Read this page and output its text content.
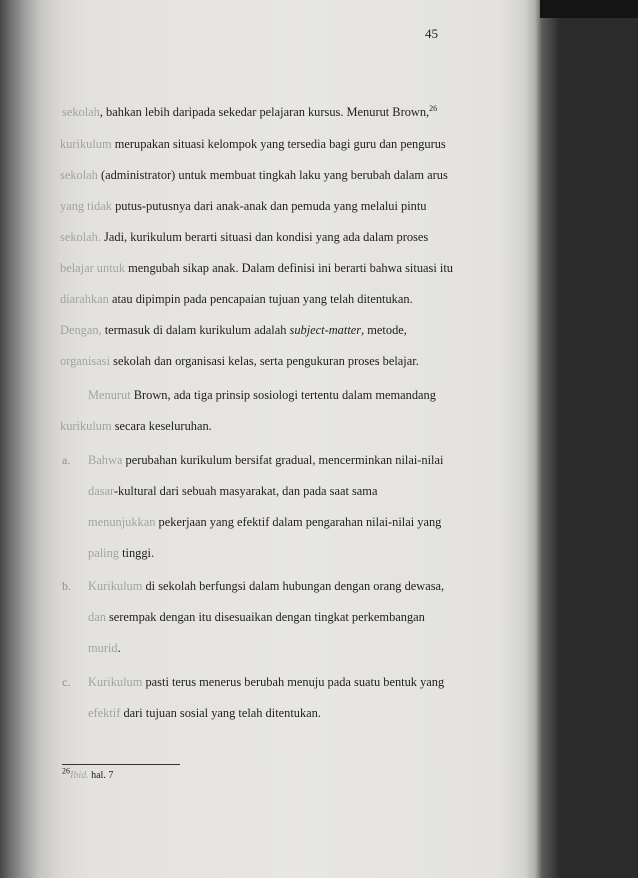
45
sekolah, bahkan lebih daripada sekedar pelajaran kursus. Menurut Brown,$^{26}$
kurikulum merupakan situasi kelompok yang tersedia bagi guru dan pengurus
sekolah (administrator) untuk membuat tingkah laku yang berubah dalam arus
yang tidak putus-putusnya dari anak-anak dan pemuda yang melalui pintu
sekolah. Jadi, kurikulum berarti situasi dan kondisi yang ada dalam proses
belajar untuk mengubah sikap anak. Dalam definisi ini berarti bahwa situasi itu
diarahkan atau dipimpin pada pencapaian tujuan yang telah ditentukan.
Dengan, termasuk di dalam kurikulum adalah subject-matter, metode,
organisasi sekolah dan organisasi kelas, serta pengukuran proses belajar.
Menurut Brown, ada tiga prinsip sosiologi tertentu dalam memandang
kurikulum secara keseluruhan.
a. Bahwa perubahan kurikulum bersifat gradual, mencerminkan nilai-nilai
dasar-kultural dari sebuah masyarakat, dan pada saat sama
menunjukkan pekerjaan yang efektif dalam pengarahan nilai-nilai yang
paling tinggi.
b. Kurikulum di sekolah berfungsi dalam hubungan dengan orang dewasa,
dan serempak dengan itu disesuaikan dengan tingkat perkembangan
murid.
c. Kurikulum pasti terus menerus berubah menuju pada suatu bentuk yang
efektif dari tujuan sosial yang telah ditentukan.
$^{26}$Ibid. hal. 7
